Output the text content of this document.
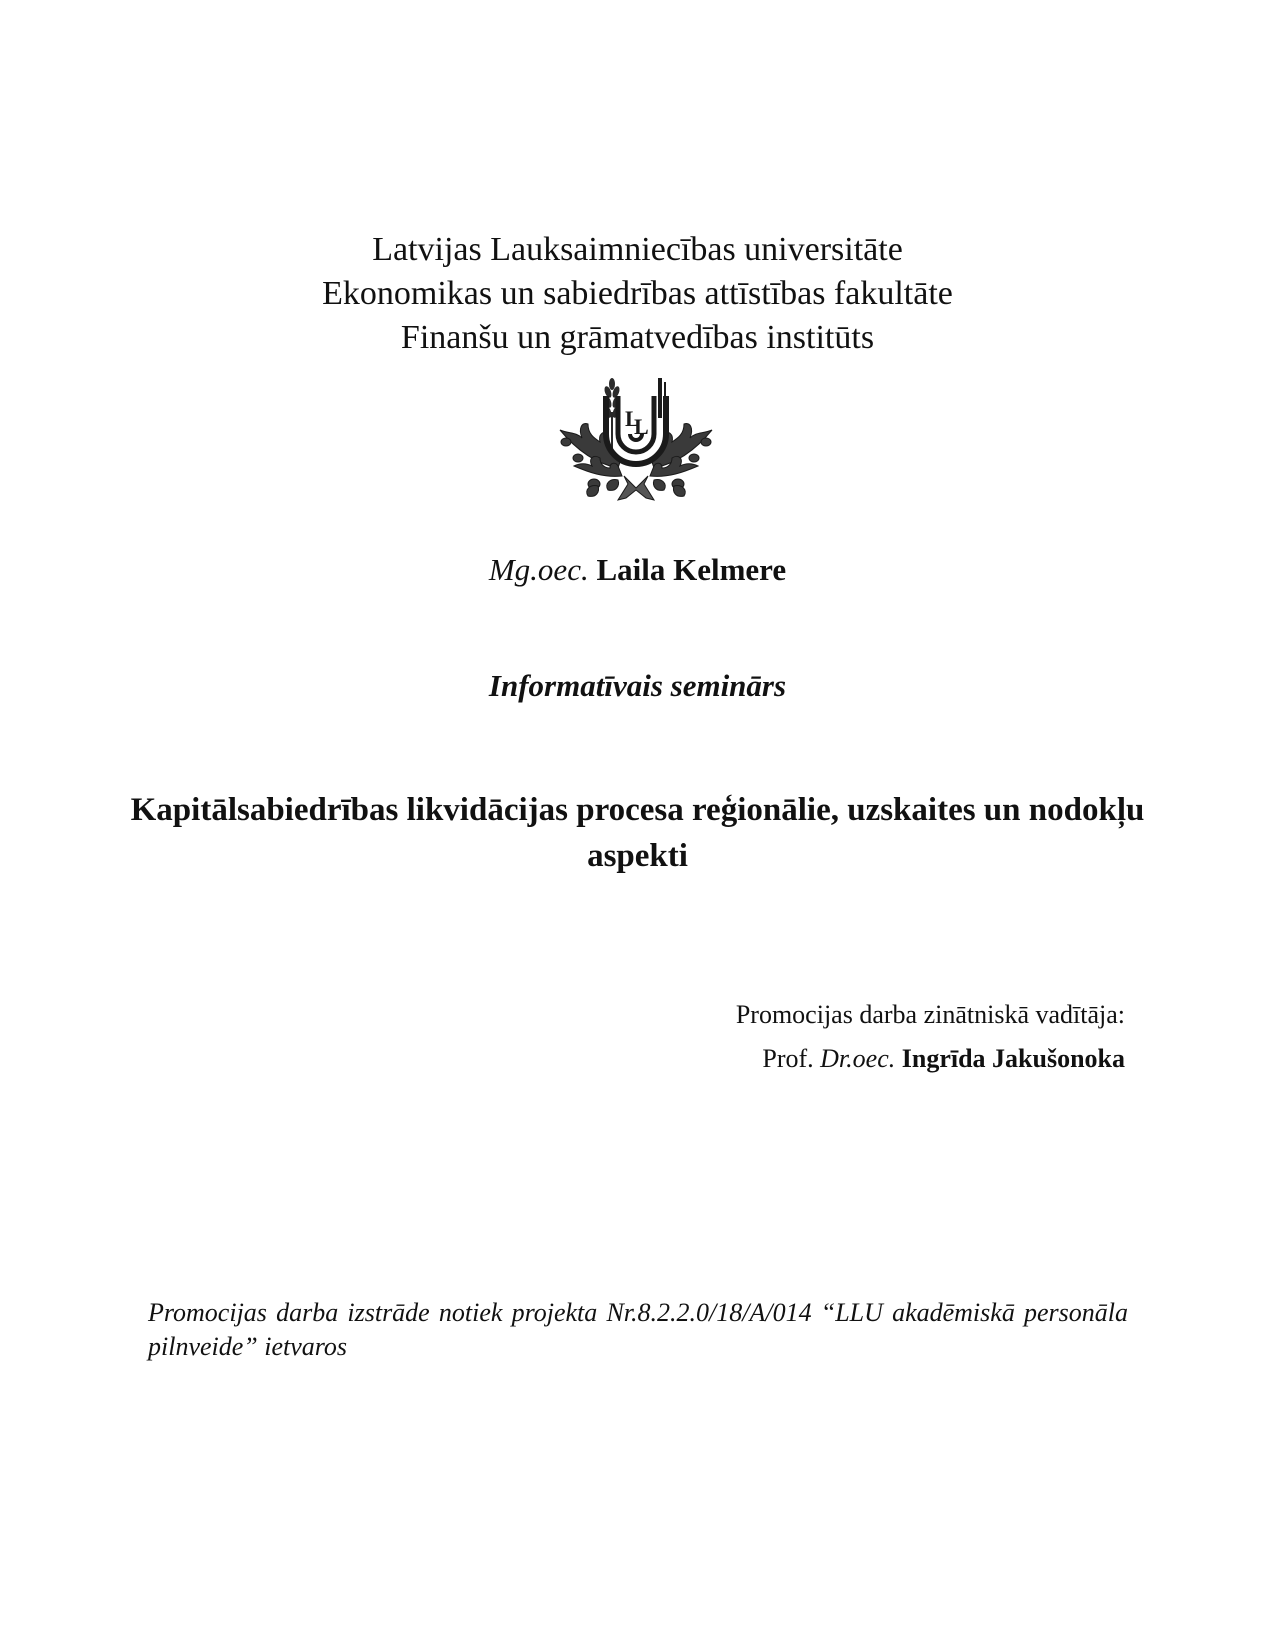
Latvijas Lauksaimniecības universitāte
Ekonomikas un sabiedrības attīstības fakultāte
Finanšu un grāmatvedības institūts
L
L
Mg.oec. Laila Kelmere
Informatīvais seminārs
Kapitālsabiedrības likvidācijas procesa reģionālie, uzskaites un nodokļu aspekti
Promocijas darba zinātniskā vadītāja:
Prof. Dr.oec. Ingrīda Jakušonoka
Promocijas darba izstrāde notiek projekta Nr.8.2.2.0/18/A/014 “LLU akadēmiskā personāla pilnveide” ietvaros
